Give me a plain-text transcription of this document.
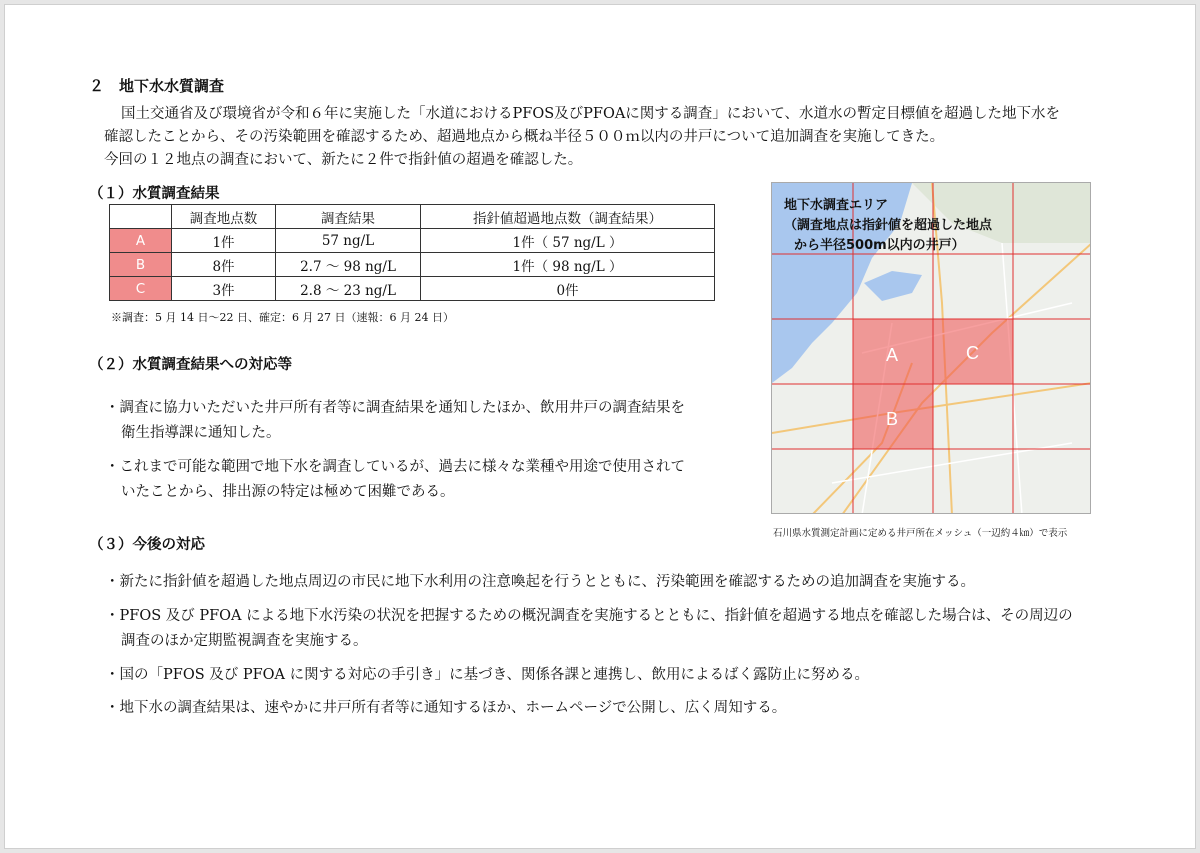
２　地下水水質調査
国土交通省及び環境省が令和６年に実施した「水道におけるPFOS及びPFOAに関する調査」において、水道水の暫定目標値を超過した地下水を
確認したことから、その汚染範囲を確認するため、超過地点から概ね半径５００ｍ以内の井戸について追加調査を実施してきた。
今回の１２地点の調査において、新たに２件で指針値の超過を確認した。
（１）水質調査結果
エリア	調査地点数	調査結果	指針値超過地点数（調査結果）
A	1件	57 ng/L	1件（ 57 ng/L ）
B	8件	2.7 ～ 98 ng/L	1件（ 98 ng/L ）
C	3件	2.8 ～ 23 ng/L	0件
※調査：5 月 14 日～22 日、確定：6 月 27 日（速報：6 月 24 日）
（２）水質調査結果への対応等
・調査に協力いただいた井戸所有者等に調査結果を通知したほか、飲用井戸の調査結果を
衛生指導課に通知した。
・これまで可能な範囲で地下水を調査しているが、過去に様々な業種や用途で使用されて
いたことから、排出源の特定は極めて困難である。
A	C
B
地下水調査エリア
（調査地点は指針値を超過した地点
から半径500m以内の井戸）
石川県水質測定計画に定める井戸所在メッシュ（一辺約４㎞）で表示
（３）今後の対応
・新たに指針値を超過した地点周辺の市民に地下水利用の注意喚起を行うとともに、汚染範囲を確認するための追加調査を実施する。
・PFOS 及び PFOA による地下水汚染の状況を把握するための概況調査を実施するとともに、指針値を超過する地点を確認した場合は、その周辺の
調査のほか定期監視調査を実施する。
・国の「PFOS 及び PFOA に関する対応の手引き」に基づき、関係各課と連携し、飲用によるばく露防止に努める。
・地下水の調査結果は、速やかに井戸所有者等に通知するほか、ホームページで公開し、広く周知する。
